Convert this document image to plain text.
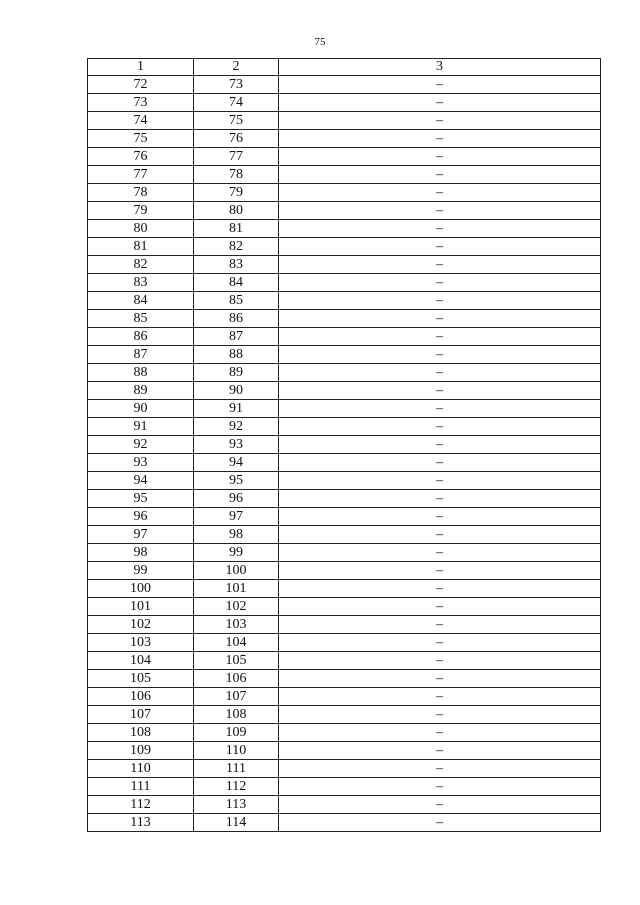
75
1	2	3
72	73	–
73	74	–
74	75	–
75	76	–
76	77	–
77	78	–
78	79	–
79	80	–
80	81	–
81	82	–
82	83	–
83	84	–
84	85	–
85	86	–
86	87	–
87	88	–
88	89	–
89	90	–
90	91	–
91	92	–
92	93	–
93	94	–
94	95	–
95	96	–
96	97	–
97	98	–
98	99	–
99	100	–
100	101	–
101	102	–
102	103	–
103	104	–
104	105	–
105	106	–
106	107	–
107	108	–
108	109	–
109	110	–
110	111	–
111	112	–
112	113	–
113	114	–
